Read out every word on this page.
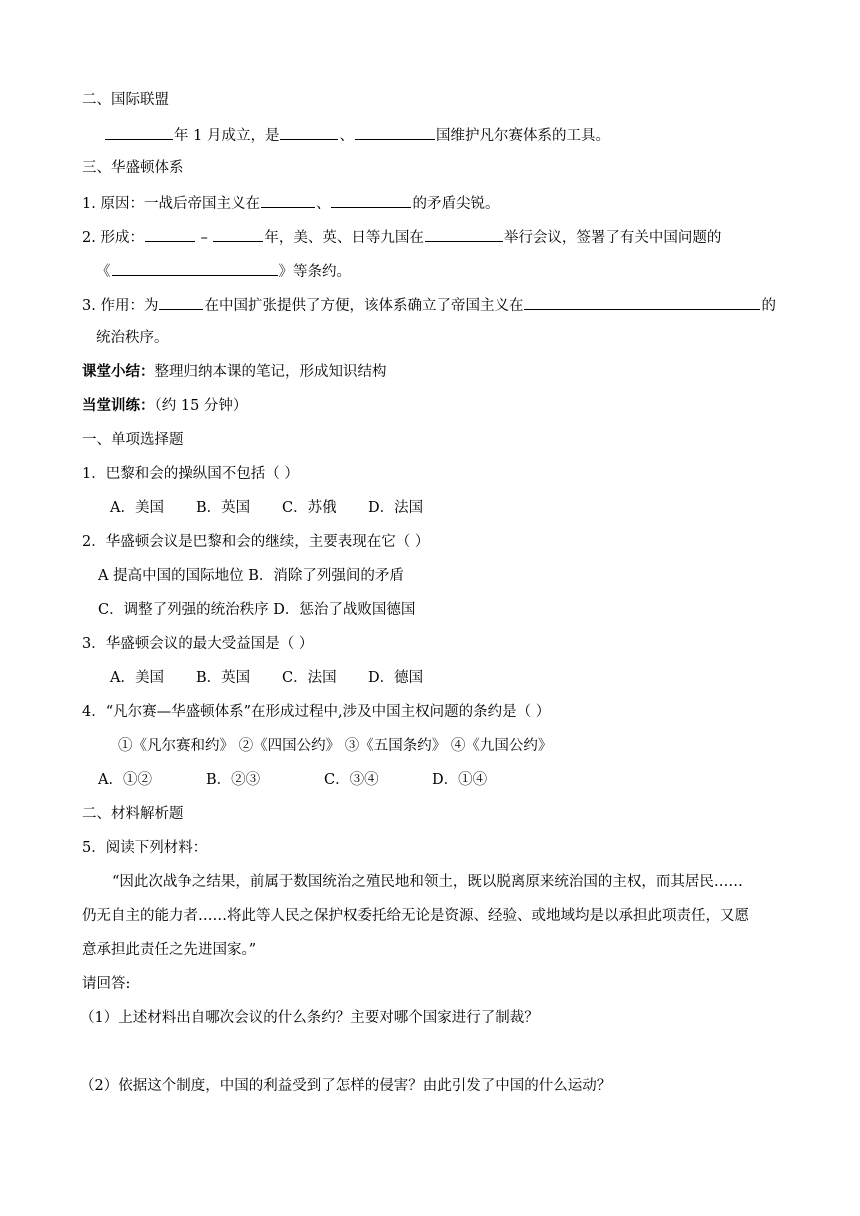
二、国际联盟
年 1 月成立，是	、	国维护凡尔赛体系的工具。
三、华盛顿体系
1. 原因：一战后帝国主义在	、	的矛盾尖锐。
2. 形成：	–	年，美、英、日等九国在	举行会议，签署了有关中国问题的
《	》等条约。
3. 作用：为	在中国扩张提供了方便，该体系确立了帝国主义在	的
统治秩序。
课堂小结：整理归纳本课的笔记，形成知识结构
当堂训练：（约 15 分钟）
一、单项选择题
1．巴黎和会的操纵国不包括（ ）
A．美国 B．英国 C．苏俄 D．法国
2．华盛顿会议是巴黎和会的继续，主要表现在它（ ）
A 提高中国的国际地位 B．消除了列强间的矛盾
C．调整了列强的统治秩序 D．惩治了战败国德国
3．华盛顿会议的最大受益国是（ ）
A．美国 B．英国 C．法国 D．德国
4．“凡尔赛—华盛顿体系”在形成过程中,涉及中国主权问题的条约是（ ）
①《凡尔赛和约》 ②《四国公约》 ③《五国条约》 ④《九国公约》
A．①②	B．②③	C．③④	D．①④
二、材料解析题
5．阅读下列材料：
“因此次战争之结果，前属于数国统治之殖民地和领土，既以脱离原来统治国的主权，而其居民……
仍无自主的能力者……将此等人民之保护权委托给无论是资源、经验、或地域均是以承担此项责任，又愿
意承担此责任之先进国家。”
请回答:
（1）上述材料出自哪次会议的什么条约？主要对哪个国家进行了制裁？
（2）依据这个制度，中国的利益受到了怎样的侵害？由此引发了中国的什么运动？
